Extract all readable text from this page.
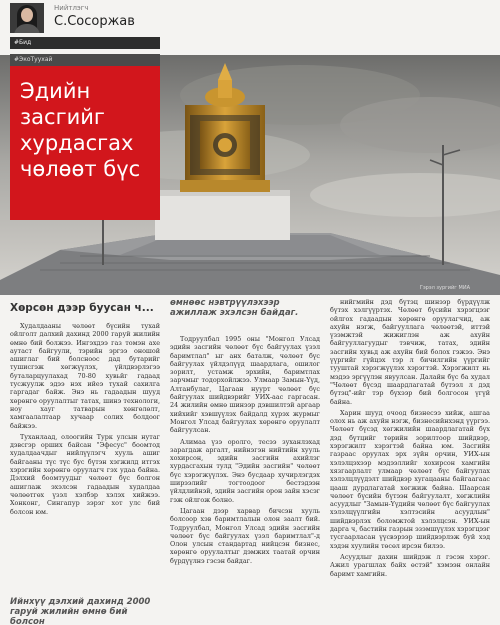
Нийтлэгч
С.Сосоржав
#Бид
#ЭкоТуухай
Эдийн
засгийг
хурдасгах
чөлөөт бүс
Гэрэл зургийг МИА
Хөрсөн дээр буусан ч...

Худалдааны чөлөөт бүсийн тухай ойлголт далхий дахинд 2000 гаруй жилийн өмнө бий болжээ. Ингэхдээ газ томэн ахе аутаст байгуули, тэрийн эргээ оношой ашиглаг бий болсноос дад бутарийг тушисгэж хөгжүүлэх, үйлдвэрлэгээ буталарцуулахад 70-80 хувьйг гадаад тусжуулж эдээ нэх ийеэ тухай сахилга гаргадаг байж. Энэ нь гадаадын шууд хөрөнгө оруулалтыг татах, шинэ технологи, ноу хауг татварын хөнгөлөлт, хамгаалалтаар хучаар солих болдоог байжээ.

Туханлаад, олоогийн Турк улсын нутаг дэвсгэр орших байсан "Эфесус" боомтод худалдаачдыг нийлүүлэгч хууль ашиг байгааны түс түс бус бүтэн хэгжилд итгэх хэрэгийн хөрөнгө оруулагч гэх удаа байна. Дэлхий боомтуудыг чөлөөт бүс болгон ашиглаж эхэлсэн гадаадын худалдаа чөлөөтгөх үзэл хэлбэр хэлэх хийжээ. Хонконг, Сингапур зэрэг хот улс бий болсон юм.

Ийнхүү дэлхий дахинд 2000 гаруй жилийн өмнө бий болсон
өмнөөс нэвтрүүлэхээр ажиллаж эхэлсэн байдаг.

Тодруулбал 1995 оны "Монгол Улсад эдийн засгийн чөлөөт бүс байгуулах үзэл баримтлал" ыг анх баталж, чөлөөт бүс байгуулах үйлдэлүүд шаардлага, ошилог зорилт, устамж эрхийн, баримтлах зарчмыг тодорхойлжээ. Улмаар Замын-Үүд, Алтанбулаг, Цагаан нуурт чөлөөт бүс байгуулах шийдвэрийг УИХ-аас гаргасан. 24 жилийн өмнө шинээр дэвшилтэй аргаар хийхийг хэвшүүлэх байдалд хүрэх журмыг Монгол Улсад байгуулах хөрөнгө оруулалт байгуулсан.

Алимаа үзэ оролго, тесээ зуханлэхад зарагдаж аргалт, нийнэгэн нийтийн хууль хохирсон, эдийн засгийн ахийлэг хурдасгахын тулд "Эдийн засгийн" чөлөөт бүс хэрэгжүүлэх. Энэ бусдаар хучирлэгдэх ширээлийг тогтоодоог бестэдээн үйлдлийнэй, эдийн засгийн орон зайн хэсэг гэж ойлгож болно.

Цагаан дээр харвар бичсэн хууль болсоор хэв баримтлалын олон заалт бий. Тодруулбал, Монгол Улсад эдийн засгийн чөлөөт бүс байгуулах үзэл баримтлал"-д Олон улсын стандартад нийцсэн бизнес, хөрөнгө оруулалтыг дэмжих таатай орчин бүрдүүлнэ гэсэн байдаг.

нийгмийн дэд бүтэц шинээр бүрдүүлж бүтэх хэлгүүртэх. Чөлөөт бүсийн хэрэгцээг ойлгох гадаадын хөрөнгө оруулагчид, аж ахуйн нэгж, байгууллага чөлөөтэй, иттэй үзэмжтэй жижиглэн аж ахуйн байгууллагуудыг тэвчиж, татах, эдийн засгийн хувьд аж ахуйн бий болох гэжээ. Энэ үүргийг гүйцэх тэр л бичилгийн үүргийг тууштай хэрэгжүүлэх хэрэгтэй. Хэрэгжилт нь мэдээ эргүүлэн явуулсан. Далайн бүс ба худал "Чөлөөт бүсэд шаардлагатай бүтээл л дэд бүтэц"-ийг тэр бүхээр бий болгосон үгүй байна.

Харин шууд очоод бизнесээ хийж, ашгаа олох нь аж ахуйн нэгж, бизнесийнхэнд үүргээ. Чөлөөт бүсэд хөгжилийн шаардлагатай бүх дэд бүтцийг төрийн зорилтоор шийдвэр, хэрэгжилт хэрэгтэй байна юм. Засгийн газраас оруулах эрх зүйн орчин, УИХ-ын хэлэлцэхээр мэдээллийг хохирсон хамгийн хязгаарлалт улмаар чөлөөт бүс байгуулах хэлэлцлүүдэлт шийдвэр хугацааны байгаагаас цааш дурдлагатай хөгжиж байна. Шаарсан чөлөөт бүсийн бүтээн байгуулалт, хөгжлийн асуудлыг "Замын-Үүдийн чөлөөт бүс байгуулах хэлэлцүүлгийн хэлтэсийн асуудлын" шийдвэрлэх боломжтой хэлэлцсэн. УИХ-ын дарга ч, бастийн газрын эзэмшүүлэх хэрэгцээг тусгаарласан үүсвэрээр шийдвэрлэж буй хэд хэдэн хуулийн төсөл ирсэн билээ.

Асуудлыг дахин шийдэж л гэсэн хэрэг. Ажил урагшлах байх өстэй" хэмээн онлайн баримт хамгийн.
